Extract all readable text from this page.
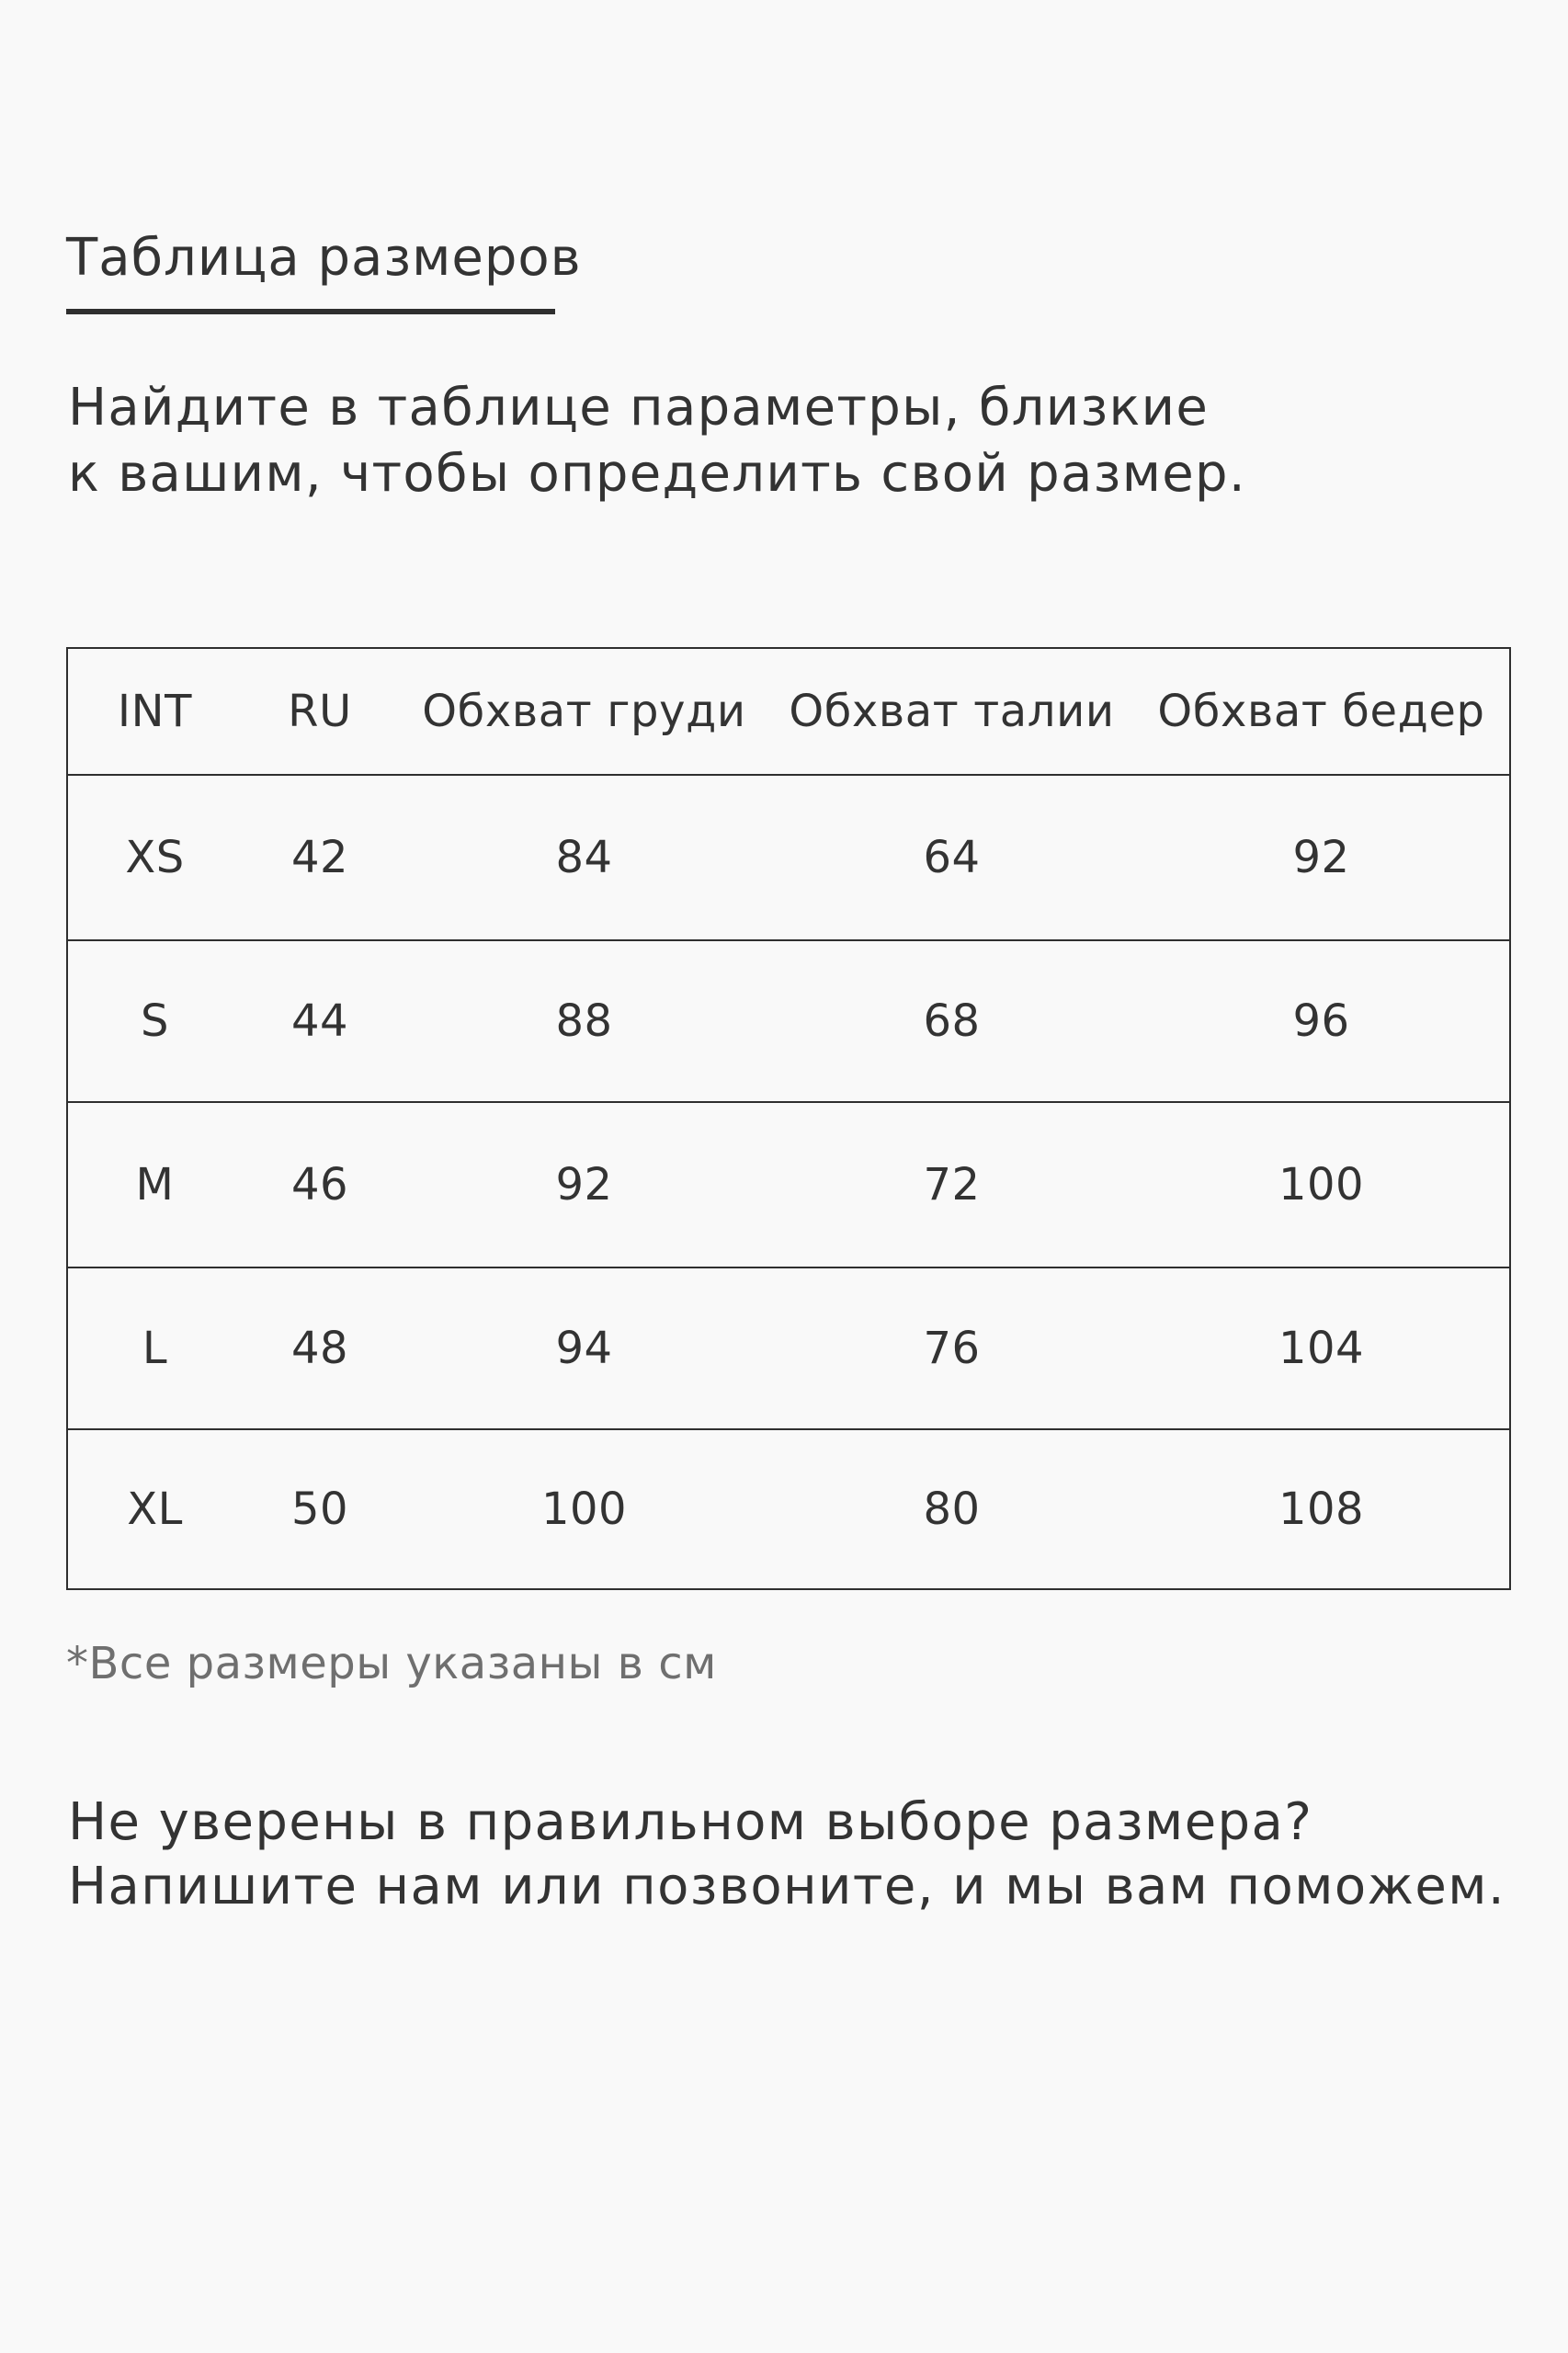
Таблица размеров
Найдите в таблице параметры, близкие
к вашим, чтобы определить свой размер.
INT	RU	Обхват груди	Обхват талии	Обхват бедер
XS	42	84	64	92
S	44	88	68	96
M	46	92	72	100
L	48	94	76	104
XL	50	100	80	108
*Все размеры указаны в см
Не уверены в правильном выборе размера?
Напишите нам или позвоните, и мы вам поможем.
